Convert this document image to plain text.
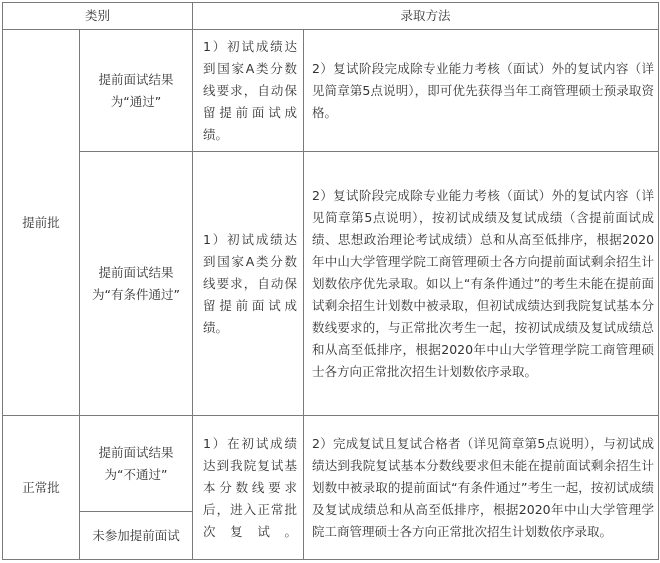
类别		录取方法	
提前批	提前面试结果为“通过”	1）初试成绩达到国家A类分数线要求，自动保留提前面试成绩。	2）复试阶段完成除专业能力考核（面试）外的复试内容（详见简章第5点说明），即可优先获得当年工商管理硕士预录取资格。
	提前面试结果为“有条件通过”	1）初试成绩达到国家A类分数线要求，自动保留提前面试成绩。	2）复试阶段完成除专业能力考核（面试）外的复试内容（详见简章第5点说明），按初试成绩及复试成绩（含提前面试成绩、思想政治理论考试成绩）总和从高至低排序，根据2020年中山大学管理学院工商管理硕士各方向提前面试剩余招生计划数依序优先录取。如以上“有条件通过”的考生未能在提前面试剩余招生计划数中被录取，但初试成绩达到我院复试基本分数线要求的，与正常批次考生一起，按初试成绩及复试成绩总和从高至低排序，根据2020年中山大学管理学院工商管理硕士各方向正常批次招生计划数依序录取。
正常批	提前面试结果为“不通过”	1）在初试成绩达到我院复试基本分数线要求后，进入正常批次复试。	2）完成复试且复试合格者（详见简章第5点说明），与初试成绩达到我院复试基本分数线要求但未能在提前面试剩余招生计划数中被录取的提前面试“有条件通过”考生一起，按初试成绩及复试成绩总和从高至低排序，根据2020年中山大学管理学院工商管理硕士各方向正常批次招生计划数依序录取。
	未参加提前面试		
